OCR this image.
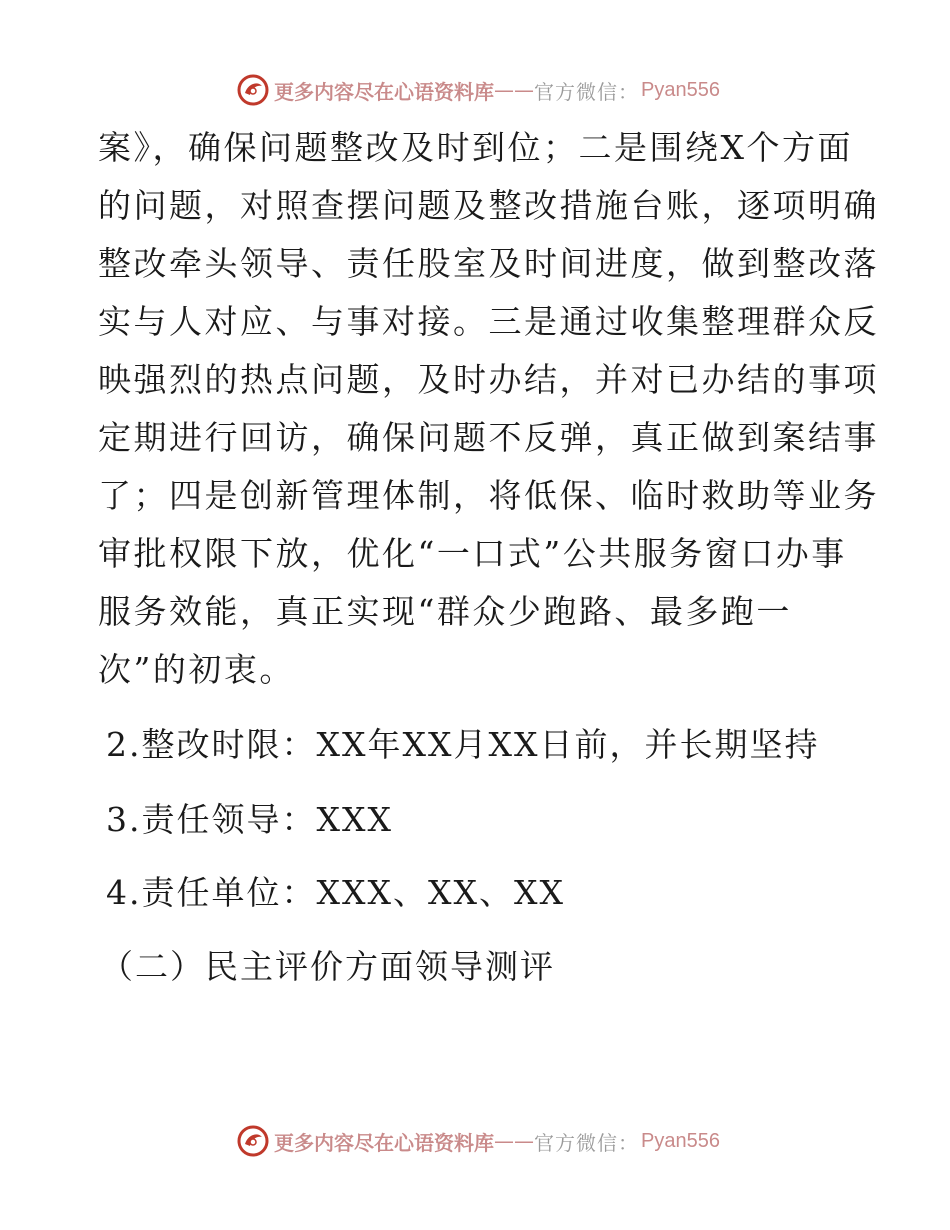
更多内容尽在心语资料库 —— 官方微信： Pyan556
案》，确保问题整改及时到位；二是围绕X个方面
的问题，对照查摆问题及整改措施台账，逐项明确
整改牵头领导、责任股室及时间进度，做到整改落
实与人对应、与事对接。三是通过收集整理群众反
映强烈的热点问题，及时办结，并对已办结的事项
定期进行回访，确保问题不反弹，真正做到案结事
了；四是创新管理体制，将低保、临时救助等业务
审批权限下放，优化“一口式”公共服务窗口办事
服务效能，真正实现“群众少跑路、最多跑一
次”的初衷。
2.整改时限：XX年XX月XX日前，并长期坚持
3.责任领导：XXX
4.责任单位：XXX、XX、XX
（二）民主评价方面领导测评
更多内容尽在心语资料库 —— 官方微信： Pyan556
